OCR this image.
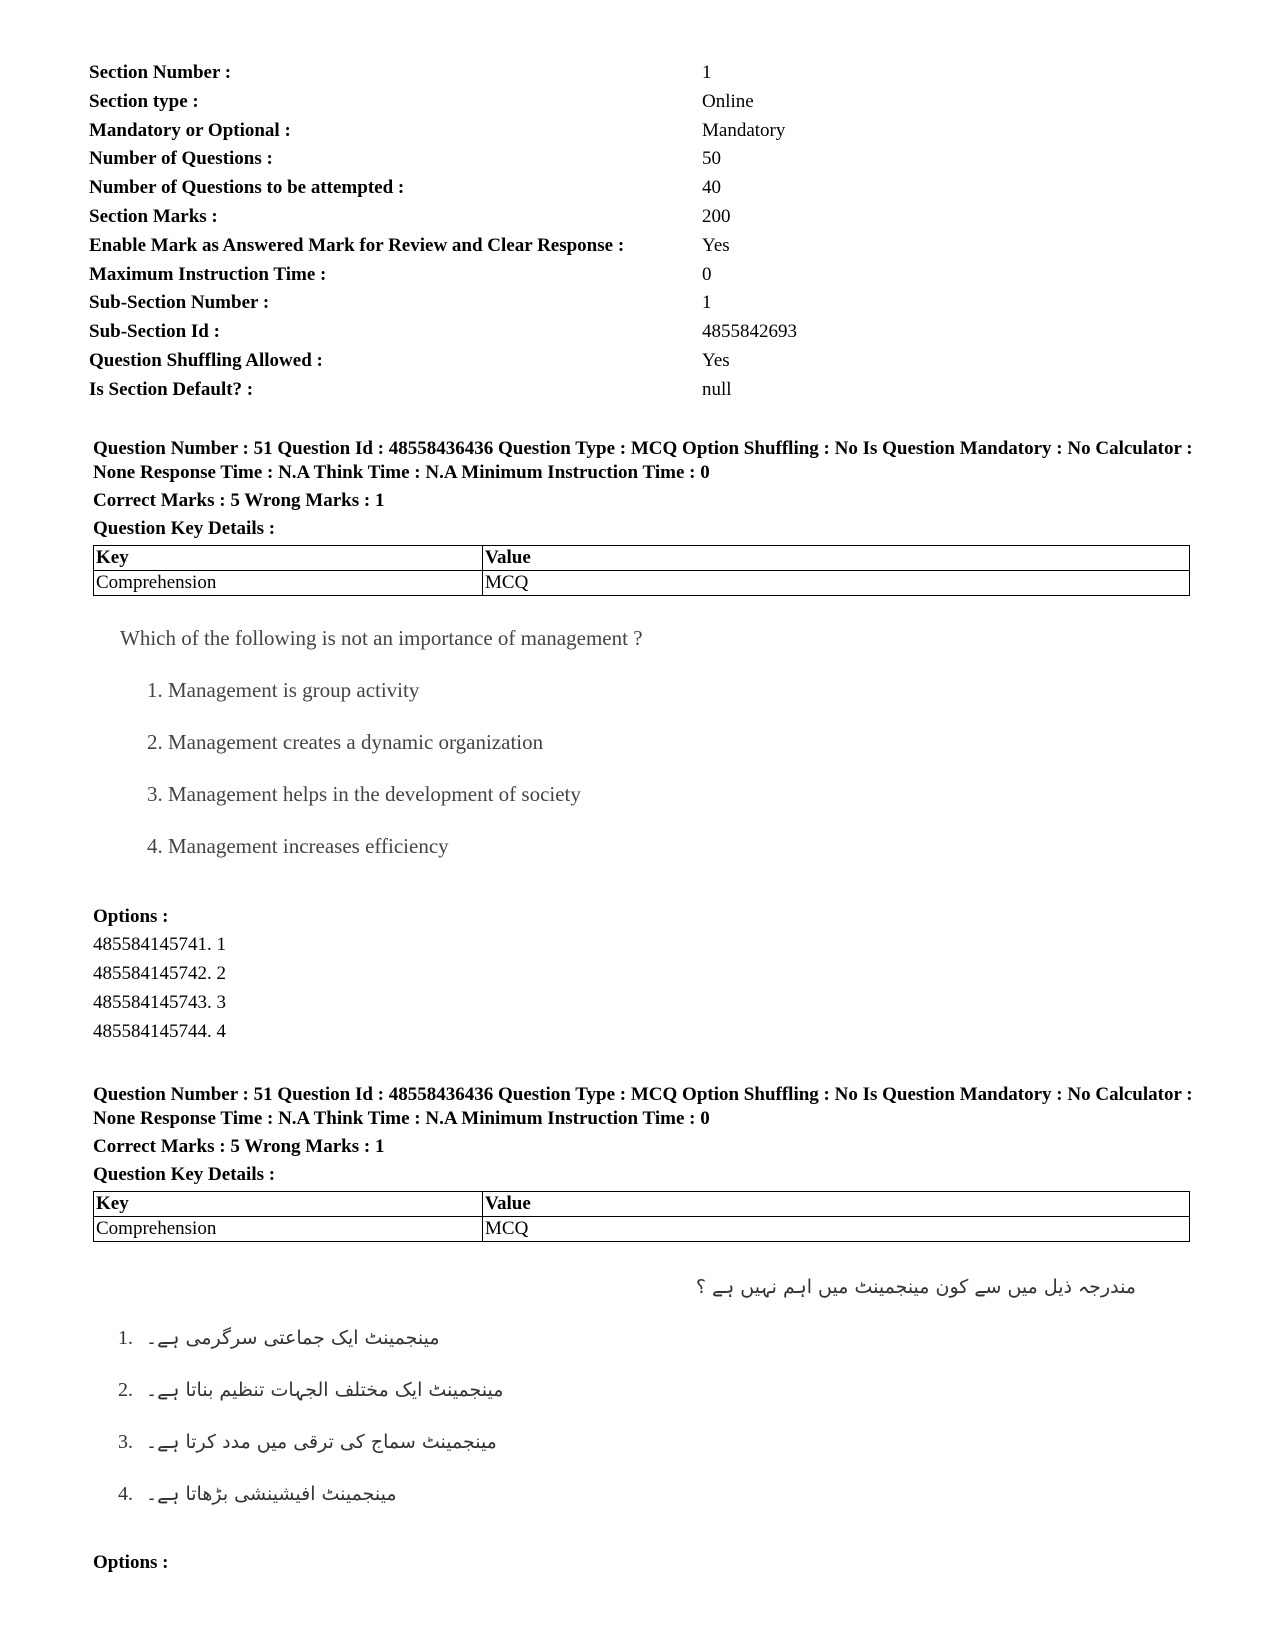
Section Number :	1
Section type :	Online
Mandatory or Optional :	Mandatory
Number of Questions :	50
Number of Questions to be attempted :	40
Section Marks :	200
Enable Mark as Answered Mark for Review and Clear Response :	Yes
Maximum Instruction Time :	0
Sub-Section Number :	1
Sub-Section Id :	4855842693
Question Shuffling Allowed :	Yes
Is Section Default? :	null

Question Number : 51 Question Id : 48558436436 Question Type : MCQ Option Shuffling : No Is Question Mandatory : No Calculator : None Response Time : N.A Think Time : N.A Minimum Instruction Time : 0

Correct Marks : 5 Wrong Marks : 1
Question Key Details :
Key	Value
Comprehension	MCQ
Which of the following is not an importance of management ?
1. Management is group activity
2. Management creates a dynamic organization
3. Management helps in the development of society
4. Management increases efficiency
Options :
485584145741. 1
485584145742. 2
485584145743. 3
485584145744. 4

Question Number : 51 Question Id : 48558436436 Question Type : MCQ Option Shuffling : No Is Question Mandatory : No Calculator : None Response Time : N.A Think Time : N.A Minimum Instruction Time : 0

Correct Marks : 5 Wrong Marks : 1
Question Key Details :
Key	Value
Comprehension	MCQ
مندرجہ ذیل میں سے کون مینجمینٹ میں اہم نہیں ہے ؟
1. مینجمینٹ ایک جماعتی سرگرمی ہے۔
2. مینجمینٹ ایک مختلف الجہات تنظیم بناتا ہے۔
3. مینجمینٹ سماج کی ترقی میں مدد کرتا ہے۔
4. مینجمینٹ افیشینشی بڑھاتا ہے۔
Options :
